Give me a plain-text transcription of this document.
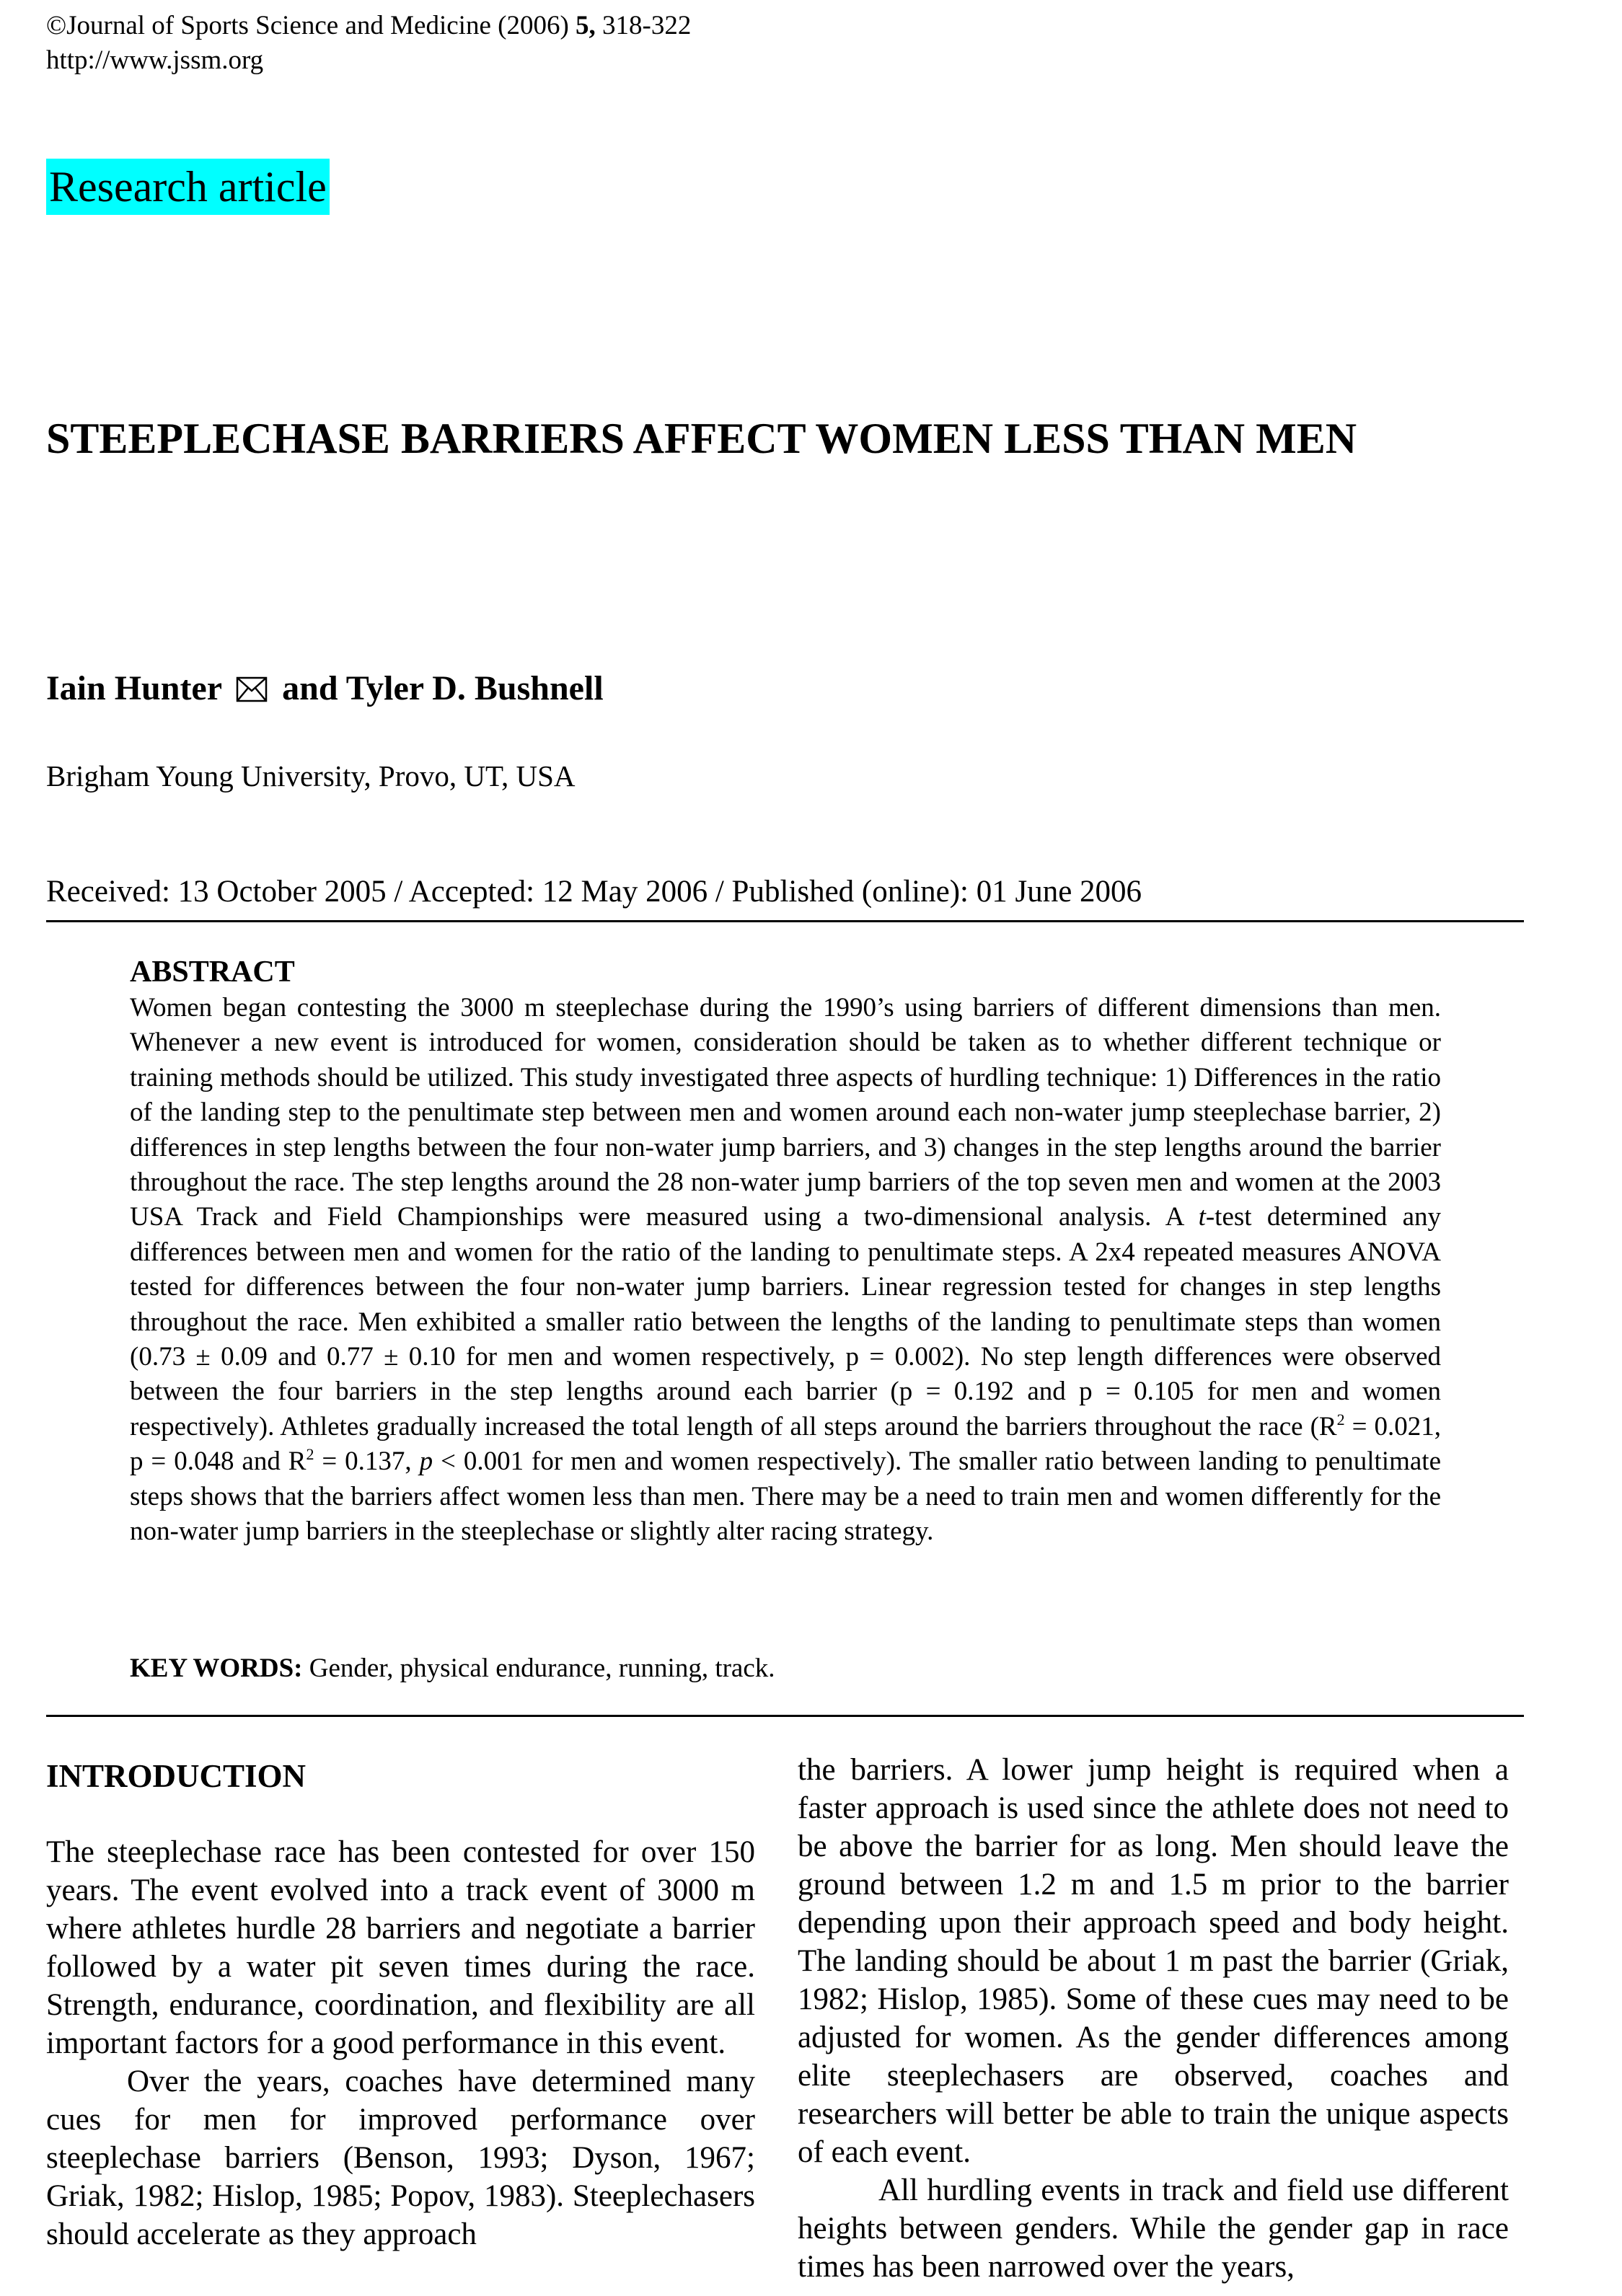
©Journal of Sports Science and Medicine (2006) 5, 318-322
http://www.jssm.org
Research article
STEEPLECHASE BARRIERS AFFECT WOMEN LESS THAN MEN
Iain Hunter and Tyler D. Bushnell
Brigham Young University, Provo, UT, USA
Received: 13 October 2005 / Accepted: 12 May 2006 / Published (online): 01 June 2006
ABSTRACT
Women began contesting the 3000 m steeplechase during the 1990’s using barriers of different dimensions than men. Whenever a new event is introduced for women, consideration should be taken as to whether different technique or training methods should be utilized. This study investigated three aspects of hurdling technique: 1) Differences in the ratio of the landing step to the penultimate step between men and women around each non-water jump steeplechase barrier, 2) differences in step lengths between the four non-water jump barriers, and 3) changes in the step lengths around the barrier throughout the race. The step lengths around the 28 non-water jump barriers of the top seven men and women at the 2003 USA Track and Field Championships were measured using a two-dimensional analysis. A t-test determined any differences between men and women for the ratio of the landing to penultimate steps. A 2x4 repeated measures ANOVA tested for differences between the four non-water jump barriers. Linear regression tested for changes in step lengths throughout the race. Men exhibited a smaller ratio between the lengths of the landing to penultimate steps than women (0.73 ± 0.09 and 0.77 ± 0.10 for men and women respectively, p = 0.002). No step length differences were observed between the four barriers in the step lengths around each barrier (p = 0.192 and p = 0.105 for men and women respectively). Athletes gradually increased the total length of all steps around the barriers throughout the race ($R^2 = 0.021$, p = 0.048 and $R^2 = 0.137$, p < 0.001 for men and women respectively). The smaller ratio between landing to penultimate steps shows that the barriers affect women less than men. There may be a need to train men and women differently for the non-water jump barriers in the steeplechase or slightly alter racing strategy.
KEY WORDS: Gender, physical endurance, running, track.
INTRODUCTION

The steeplechase race has been contested for over 150 years. The event evolved into a track event of 3000 m where athletes hurdle 28 barriers and negotiate a barrier followed by a water pit seven times during the race. Strength, endurance, coordination, and flexibility are all important factors for a good performance in this event.

Over the years, coaches have determined many cues for men for improved performance over steeplechase barriers (Benson, 1993; Dyson, 1967; Griak, 1982; Hislop, 1985; Popov, 1983). Steeplechasers should accelerate as they approach

the barriers. A lower jump height is required when a faster approach is used since the athlete does not need to be above the barrier for as long. Men should leave the ground between 1.2 m and 1.5 m prior to the barrier depending upon their approach speed and body height. The landing should be about 1 m past the barrier (Griak, 1982; Hislop, 1985). Some of these cues may need to be adjusted for women. As the gender differences among elite steeplechasers are observed, coaches and researchers will better be able to train the unique aspects of each event.

All hurdling events in track and field use different heights between genders. While the gender gap in race times has been narrowed over the years,
